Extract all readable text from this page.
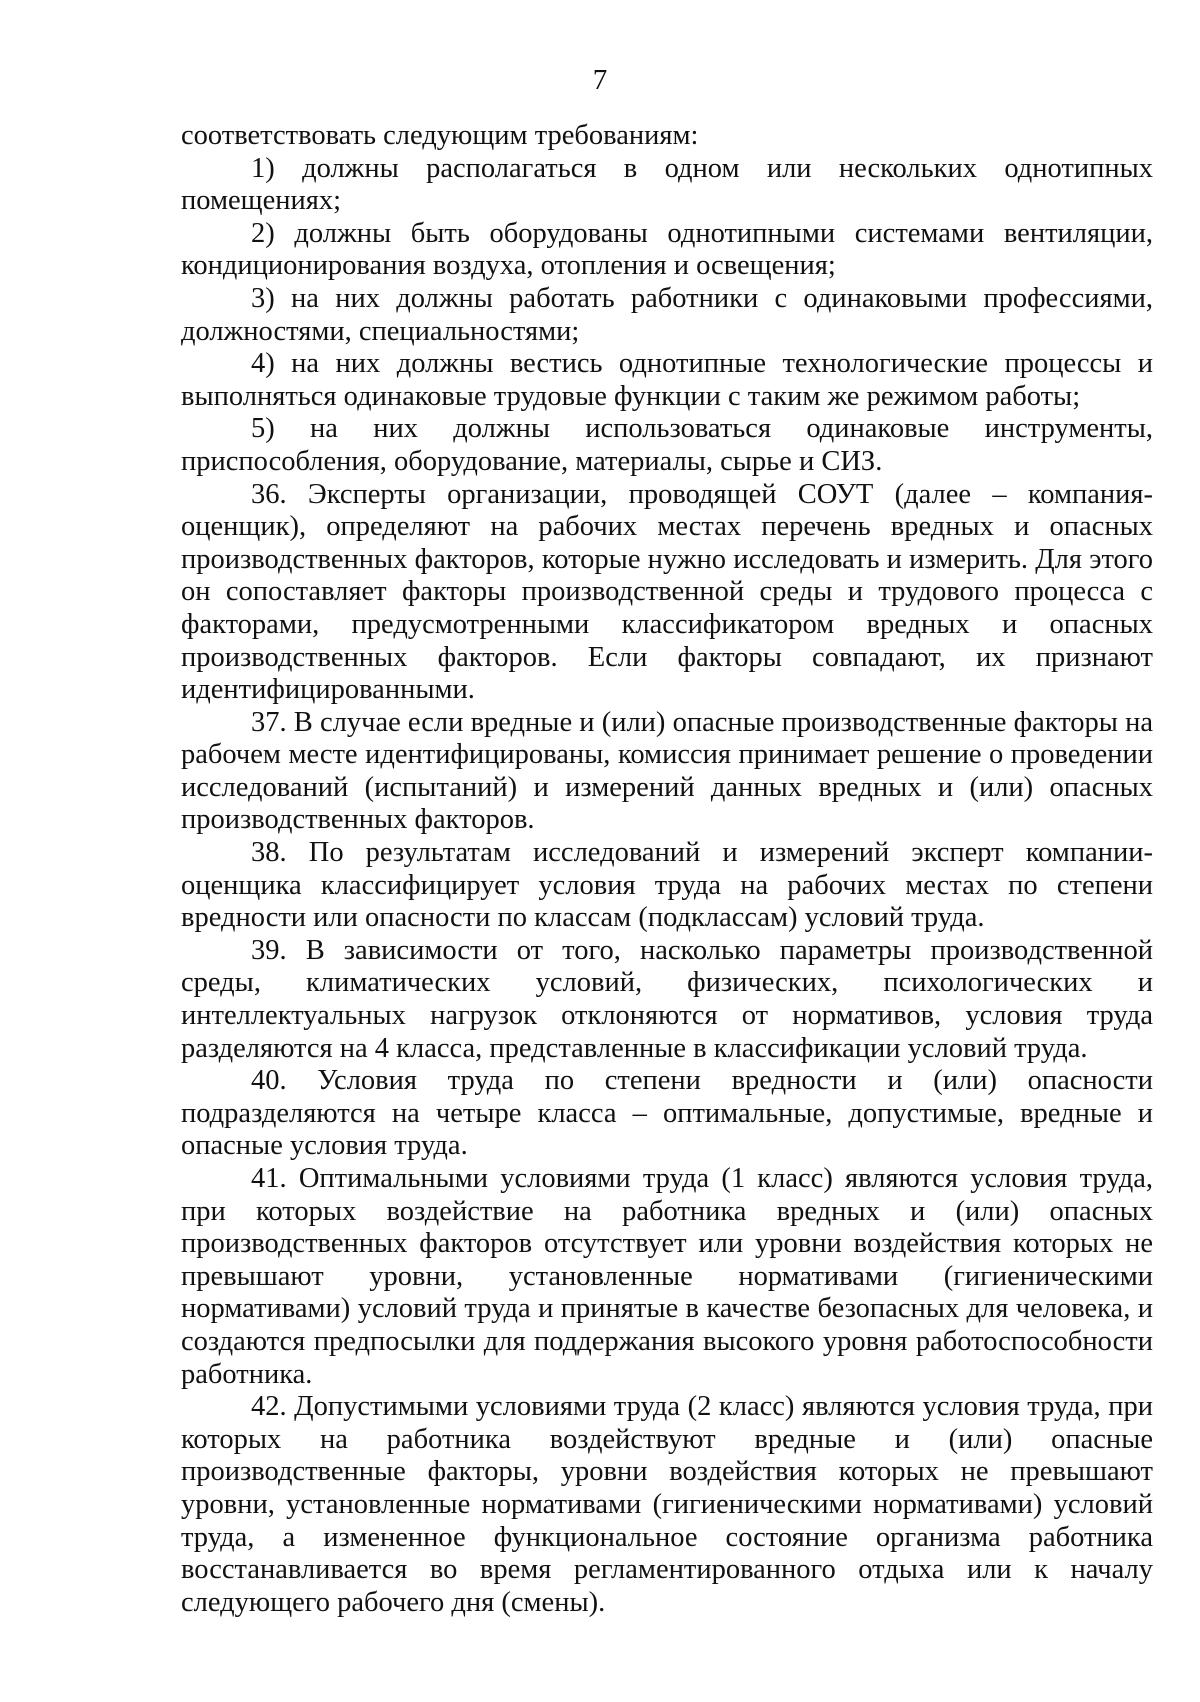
7

соответствовать следующим требованиям:

1) должны располагаться в одном или нескольких однотипных помещениях;

2) должны быть оборудованы однотипными системами вентиляции, кондиционирования воздуха, отопления и освещения;

3) на них должны работать работники с одинаковыми профессиями, должностями, специальностями;

4) на них должны вестись однотипные технологические процессы и выполняться одинаковые трудовые функции с таким же режимом работы;

5) на них должны использоваться одинаковые инструменты, приспособления, оборудование, материалы, сырье и СИЗ.

36. Эксперты организации, проводящей СОУТ (далее – компания-оценщик), определяют на рабочих местах перечень вредных и опасных производственных факторов, которые нужно исследовать и измерить. Для этого он сопоставляет факторы производственной среды и трудового процесса с факторами, предусмотренными классификатором вредных и опасных производственных факторов. Если факторы совпадают, их признают идентифицированными.

37. В случае если вредные и (или) опасные производственные факторы на рабочем месте идентифицированы, комиссия принимает решение о проведении исследований (испытаний) и измерений данных вредных и (или) опасных производственных факторов.

38. По результатам исследований и измерений эксперт компании-оценщика классифицирует условия труда на рабочих местах по степени вредности или опасности по классам (подклассам) условий труда.

39. В зависимости от того, насколько параметры производственной среды, климатических условий, физических, психологических и интеллектуальных нагрузок отклоняются от нормативов, условия труда разделяются на 4 класса, представленные в классификации условий труда.

40. Условия труда по степени вредности и (или) опасности подразделяются на четыре класса – оптимальные, допустимые, вредные и опасные условия труда.

41. Оптимальными условиями труда (1 класс) являются условия труда, при которых воздействие на работника вредных и (или) опасных производственных факторов отсутствует или уровни воздействия которых не превышают уровни, установленные нормативами (гигиеническими нормативами) условий труда и принятые в качестве безопасных для человека, и создаются предпосылки для поддержания высокого уровня работоспособности работника.

42. Допустимыми условиями труда (2 класс) являются условия труда, при которых на работника воздействуют вредные и (или) опасные производственные факторы, уровни воздействия которых не превышают уровни, установленные нормативами (гигиеническими нормативами) условий труда, а измененное функциональное состояние организма работника восстанавливается во время регламентированного отдыха или к началу следующего рабочего дня (смены).
